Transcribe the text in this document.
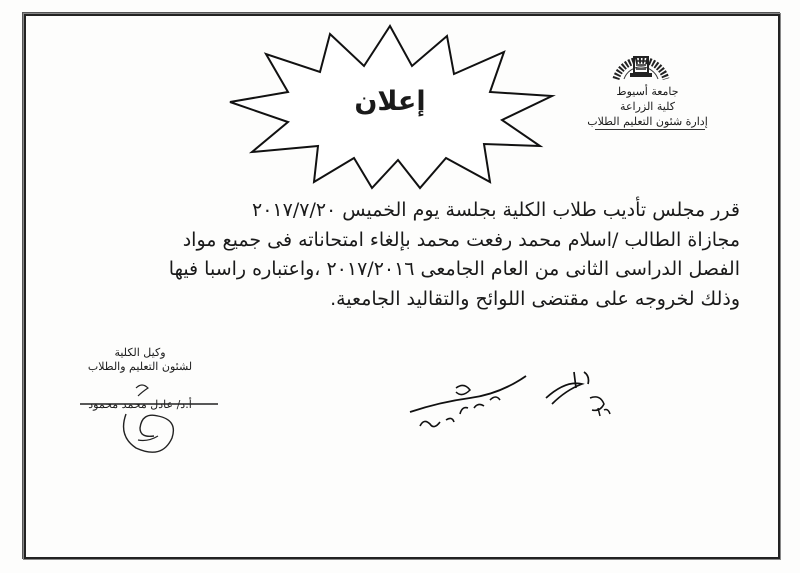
إعلان	جامعة أسيوط
كلية الزراعة
إدارة شئون التعليم الطلاب
قرر مجلس تأديب طلاب الكلية بجلسة يوم الخميس ٢٠١٧/٧/٢٠
مجازاة الطالب /اسلام محمد رفعت محمد بإلغاء امتحاناته فى جميع مواد
الفصل الدراسى الثانى من العام الجامعى ٢٠١٧/٢٠١٦ ،واعتباره راسبا فيها
وذلك لخروجه على مقتضى اللوائح والتقاليد الجامعية.
وكيل الكلية
لشئون التعليم والطلاب
أ.د/ عادل محمد محمود
